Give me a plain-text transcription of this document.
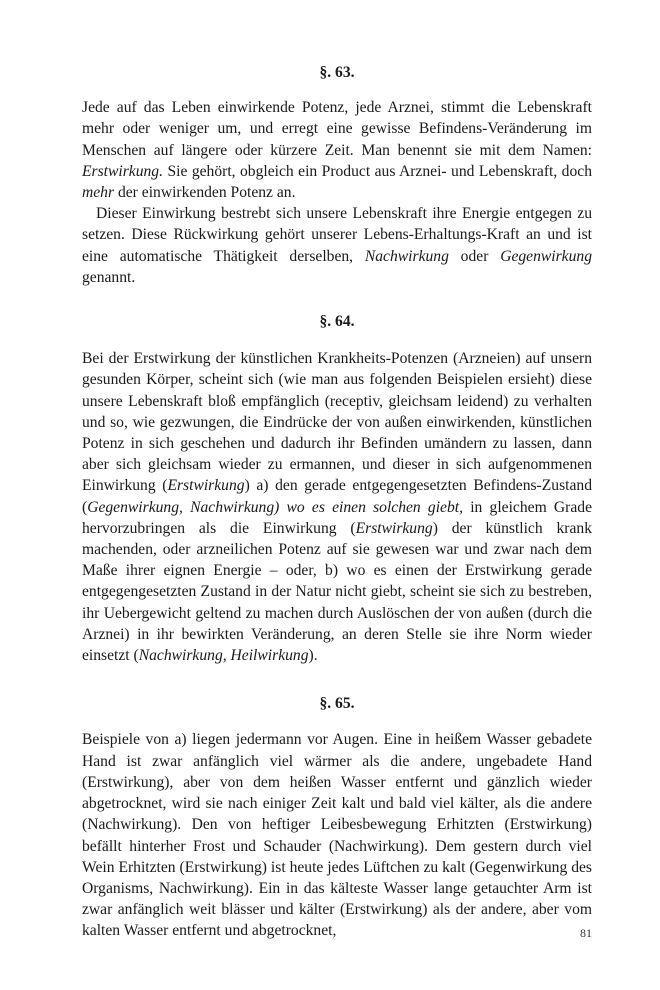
§. 63.

Jede auf das Leben einwirkende Potenz, jede Arznei, stimmt die Lebenskraft mehr oder weniger um, und erregt eine gewisse Befindens-Veränderung im Menschen auf längere oder kürzere Zeit. Man benennt sie mit dem Namen: Erstwirkung. Sie gehört, obgleich ein Product aus Arznei- und Lebenskraft, doch mehr der einwirkenden Potenz an.

Dieser Einwirkung bestrebt sich unsere Lebenskraft ihre Energie entgegen zu setzen. Diese Rückwirkung gehört unserer Lebens-Erhaltungs-Kraft an und ist eine automatische Thätigkeit derselben, Nachwirkung oder Gegenwirkung genannt.

§. 64.

Bei der Erstwirkung der künstlichen Krankheits-Potenzen (Arzneien) auf unsern gesunden Körper, scheint sich (wie man aus folgenden Beispielen ersieht) diese unsere Lebenskraft bloß empfänglich (receptiv, gleichsam leidend) zu verhalten und so, wie gezwungen, die Eindrücke der von außen einwirkenden, künstlichen Potenz in sich geschehen und dadurch ihr Befinden umändern zu lassen, dann aber sich gleichsam wieder zu ermannen, und dieser in sich aufgenommenen Einwirkung (Erstwirkung) a) den gerade entgegengesetzten Befindens-Zustand (Gegenwirkung, Nachwirkung) wo es einen solchen giebt, in gleichem Grade hervorzubringen als die Einwirkung (Erstwirkung) der künstlich krank machenden, oder arzneilichen Potenz auf sie gewesen war und zwar nach dem Maße ihrer eignen Energie – oder, b) wo es einen der Erstwirkung gerade entgegengesetzten Zustand in der Natur nicht giebt, scheint sie sich zu bestreben, ihr Uebergewicht geltend zu machen durch Auslöschen der von außen (durch die Arznei) in ihr bewirkten Veränderung, an deren Stelle sie ihre Norm wieder einsetzt (Nachwirkung, Heilwirkung).

§. 65.

Beispiele von a) liegen jedermann vor Augen. Eine in heißem Wasser gebadete Hand ist zwar anfänglich viel wärmer als die andere, ungebadete Hand (Erstwirkung), aber von dem heißen Wasser entfernt und gänzlich wieder abgetrocknet, wird sie nach einiger Zeit kalt und bald viel kälter, als die andere (Nachwirkung). Den von heftiger Leibesbewegung Erhitzten (Erstwirkung) befällt hinterher Frost und Schauder (Nachwirkung). Dem gestern durch viel Wein Erhitzten (Erstwirkung) ist heute jedes Lüftchen zu kalt (Gegenwirkung des Organisms, Nachwirkung). Ein in das kälteste Wasser lange getauchter Arm ist zwar anfänglich weit blässer und kälter (Erstwirkung) als der andere, aber vom kalten Wasser entfernt und abgetrocknet,	81
